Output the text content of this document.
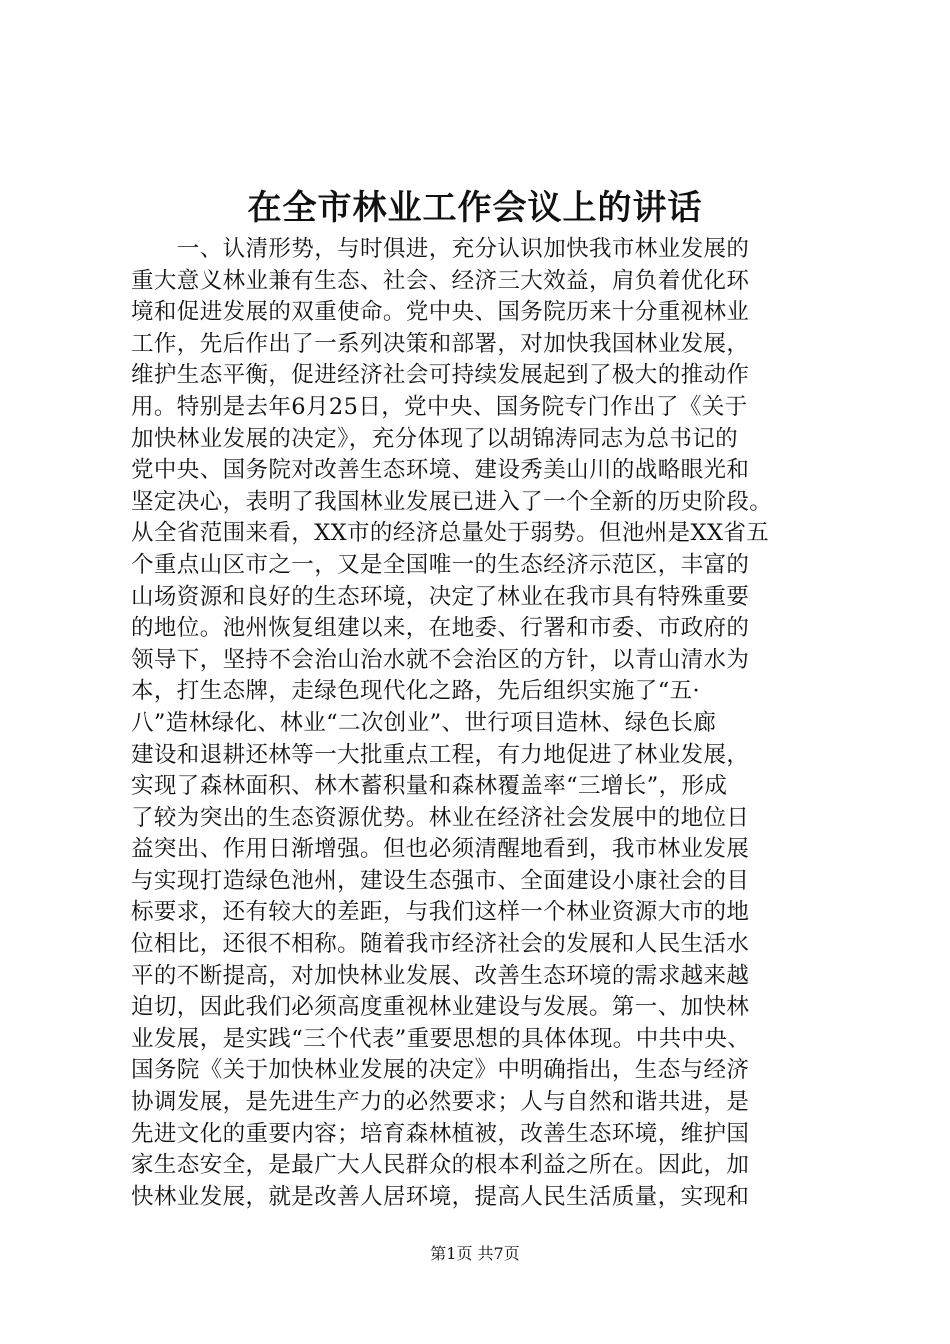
在全市林业工作会议上的讲话
　　一、认清形势，与时俱进，充分认识加快我市林业发展的
重大意义林业兼有生态、社会、经济三大效益，肩负着优化环
境和促进发展的双重使命。党中央、国务院历来十分重视林业
工作，先后作出了一系列决策和部署，对加快我国林业发展，
维护生态平衡，促进经济社会可持续发展起到了极大的推动作
用。特别是去年6月25日，党中央、国务院专门作出了《关于
加快林业发展的决定》，充分体现了以胡锦涛同志为总书记的
党中央、国务院对改善生态环境、建设秀美山川的战略眼光和
坚定决心，表明了我国林业发展已进入了一个全新的历史阶段。
从全省范围来看，XX市的经济总量处于弱势。但池州是XX省五
个重点山区市之一，又是全国唯一的生态经济示范区，丰富的
山场资源和良好的生态环境，决定了林业在我市具有特殊重要
的地位。池州恢复组建以来，在地委、行署和市委、市政府的
领导下，坚持不会治山治水就不会治区的方针，以青山清水为
本，打生态牌，走绿色现代化之路，先后组织实施了“五·
八”造林绿化、林业“二次创业”、世行项目造林、绿色长廊
建设和退耕还林等一大批重点工程，有力地促进了林业发展，
实现了森林面积、林木蓄积量和森林覆盖率“三增长”，形成
了较为突出的生态资源优势。林业在经济社会发展中的地位日
益突出、作用日渐增强。但也必须清醒地看到，我市林业发展
与实现打造绿色池州，建设生态强市、全面建设小康社会的目
标要求，还有较大的差距，与我们这样一个林业资源大市的地
位相比，还很不相称。随着我市经济社会的发展和人民生活水
平的不断提高，对加快林业发展、改善生态环境的需求越来越
迫切，因此我们必须高度重视林业建设与发展。第一、加快林
业发展，是实践“三个代表”重要思想的具体体现。中共中央、
国务院《关于加快林业发展的决定》中明确指出，生态与经济
协调发展，是先进生产力的必然要求；人与自然和谐共进，是
先进文化的重要内容；培育森林植被，改善生态环境，维护国
家生态安全，是最广大人民群众的根本利益之所在。因此，加
快林业发展，就是改善人居环境，提高人民生活质量，实现和
第1页 共7页
